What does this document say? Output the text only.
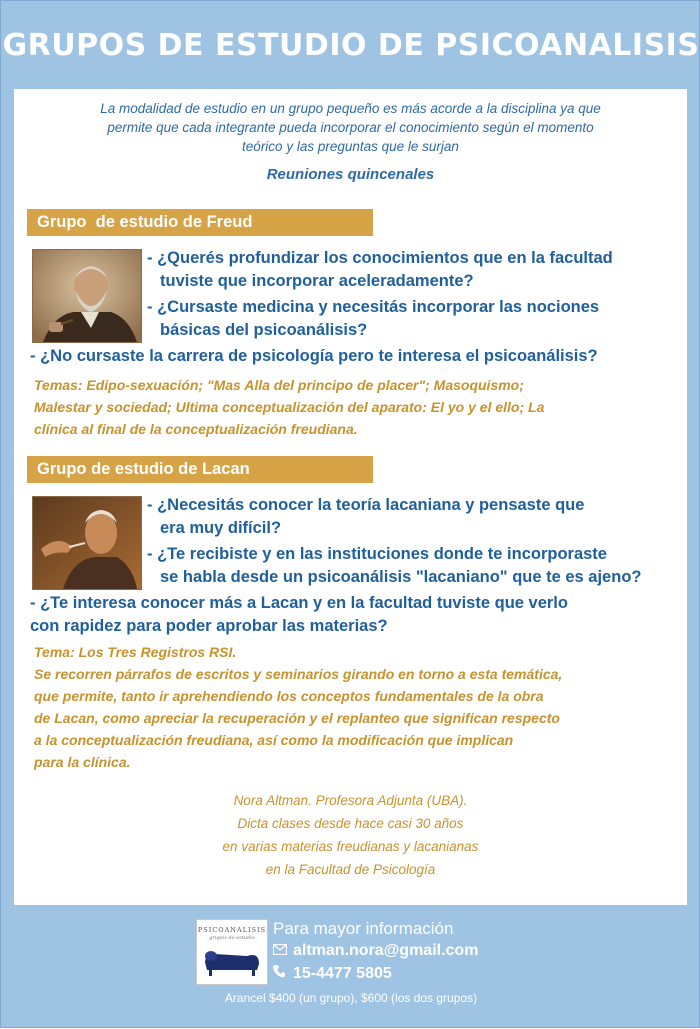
GRUPOS DE ESTUDIO DE PSICOANALISIS
La modalidad de estudio en un grupo pequeño es más acorde a la disciplina ya que
permite que cada integrante pueda incorporar el conocimiento según el momento
teórico y las preguntas que le surjan
Reuniones quincenales
Grupo  de estudio de Freud
- ¿Querés profundizar los conocimientos que en la facultad
tuviste que incorporar aceleradamente?
- ¿Cursaste medicina y necesitás incorporar las nociones
básicas del psicoanálisis?
- ¿No cursaste la carrera de psicología pero te interesa el psicoanálisis?
Temas: Edipo-sexuación; "Mas Alla del principo de placer"; Masoquismo;
Malestar y sociedad; Ultima conceptualización del aparato: El yo y el ello; La
clínica al final de la conceptualización freudiana.
Grupo de estudio de Lacan
- ¿Necesitás conocer la teoría lacaniana y pensaste que
era muy difícil?
- ¿Te recibiste y en las instituciones donde te incorporaste
se habla desde un psicoanálisis "lacaniano" que te es ajeno?
- ¿Te interesa conocer más a Lacan y en la facultad tuviste que verlo
con rapidez para poder aprobar las materias?
Tema: Los Tres Registros RSI.
Se recorren párrafos de escritos y seminarios girando en torno a esta temática,
que permite, tanto ir aprehendiendo los conceptos fundamentales de la obra
de Lacan, como apreciar la recuperación y el replanteo que significan respecto
a la conceptualización freudiana, así como la modificación que implican
para la clínica.
Nora Altman. Profesora Adjunta (UBA).
Dicta clases desde hace casi 30 años
en varias materias freudianas y lacanianas
en la Facultad de Psicología
PSICOANALISIS
grupos de estudio	Para mayor información
altman.nora@gmail.com
15-4477 5805
Arancel $400 (un grupo), $600 (los dos grupos)
